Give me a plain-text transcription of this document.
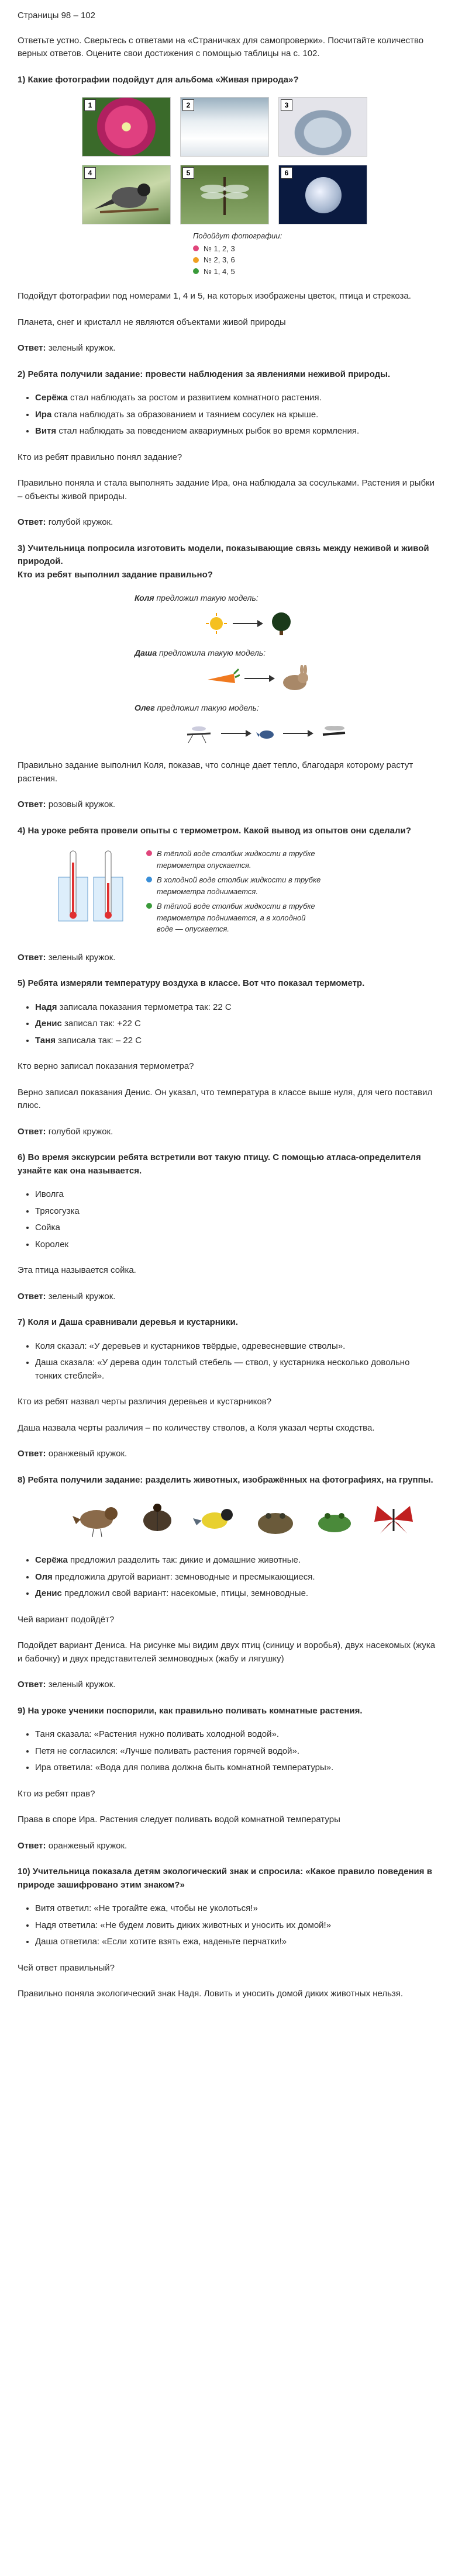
Страницы 98 – 102

Ответьте устно. Сверьтесь с ответами на «Страничках для самопроверки». Посчитайте количество верных ответов. Оцените свои достижения с помощью таблицы на с. 102.

1) Какие фотографии подойдут для альбома «Живая природа»?
1	2	3
4	5	6
Подойдут фотографии:
№ 1, 2, 3
№ 2, 3, 6
№ 1, 4, 5

Подойдут фотографии под номерами 1, 4 и 5, на которых изображены цветок, птица и стрекоза.

Планета, снег и кристалл не являются объектами живой природы

Ответ: зеленый кружок.

2) Ребята получили задание: провести наблюдения за явлениями неживой природы.
• Серёжа стал наблюдать за ростом и развитием комнатного растения.
• Ира стала наблюдать за образованием и таянием сосулек на крыше.
• Витя стал наблюдать за поведением аквариумных рыбок во время кормления.

Кто из ребят правильно понял задание?

Правильно поняла и стала выполнять задание Ира, она наблюдала за сосульками. Растения и рыбки – объекты живой природы.

Ответ: голубой кружок.

3) Учительница попросила изготовить модели, показывающие связь между неживой и живой природой.
Кто из ребят выполнил задание правильно?
Коля предложил такую модель:
Даша предложила такую модель:
Олег предложил такую модель:

Правильно задание выполнил Коля, показав, что солнце дает тепло, благодаря которому растут растения.

Ответ: розовый кружок.

4) На уроке ребята провели опыты с термометром. Какой вывод из опытов они сделали?
В тёплой воде столбик жидкости в трубке термометра опускается.
В холодной воде столбик жидкости в трубке термометра поднимается.
В тёплой воде столбик жидкости в трубке термометра поднимается, а в холодной воде — опускается.

Ответ: зеленый кружок.

5) Ребята измеряли температуру воздуха в классе. Вот что показал термометр.
• Надя записала показания термометра так: 22 С
• Денис записал так: +22 С
• Таня записала так: – 22 С

Кто верно записал показания термометра?

Верно записал показания Денис. Он указал, что температура в классе выше нуля, для чего поставил плюс.

Ответ: голубой кружок.

6) Во время экскурсии ребята встретили вот такую птицу. С помощью атласа-определителя узнайте как она называется.
• Иволга
• Трясогузка
• Сойка
• Королек

Эта птица называется сойка.

Ответ: зеленый кружок.

7) Коля и Даша сравнивали деревья и кустарники.
• Коля сказал: «У деревьев и кустарников твёрдые, одревесневшие стволы».
• Даша сказала: «У дерева один толстый стебель — ствол, у кустарника несколько довольно тонких стеблей».

Кто из ребят назвал черты различия деревьев и кустарников?

Даша назвала черты различия – по количеству стволов, а Коля указал черты сходства.

Ответ: оранжевый кружок.

8) Ребята получили задание: разделить животных, изображённых на фотографиях, на группы.
• Серёжа предложил разделить так: дикие и домашние животные.
• Оля предложила другой вариант: земноводные и пресмыкающиеся.
• Денис предложил свой вариант: насекомые, птицы, земноводные.

Чей вариант подойдёт?

Подойдет вариант Дениса. На рисунке мы видим двух птиц (синицу и воробья), двух насекомых (жука и бабочку) и двух представителей земноводных (жабу и лягушку)

Ответ: зеленый кружок.

9) На уроке ученики поспорили, как правильно поливать комнатные растения.
• Таня сказала: «Растения нужно поливать холодной водой».
• Петя не согласился: «Лучше поливать растения горячей водой».
• Ира ответила: «Вода для полива должна быть комнатной температуры».

Кто из ребят прав?

Права в споре Ира. Растения следует поливать водой комнатной температуры

Ответ: оранжевый кружок.

10) Учительница показала детям экологический знак и спросила: «Какое правило поведения в природе зашифровано этим знаком?»
• Витя ответил: «Не трогайте ежа, чтобы не уколоться!»
• Надя ответила: «Не будем ловить диких животных и уносить их домой!»
• Даша ответила: «Если хотите взять ежа, наденьте перчатки!»

Чей ответ правильный?

Правильно поняла экологический знак Надя. Ловить и уносить домой диких животных нельзя.
